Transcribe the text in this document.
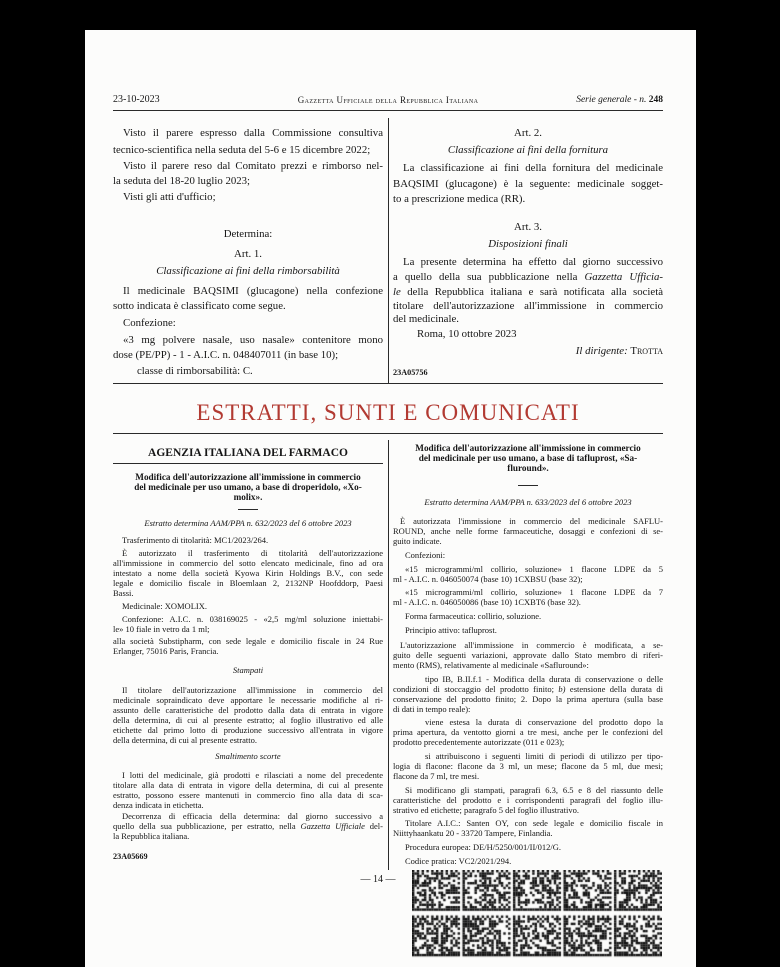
23-10-2023	Gazzetta Ufficiale della Repubblica Italiana	Serie generale - n. 248
ESTRATTI, SUNTI E COMUNICATI
Visto il parere espresso dalla Commissione consultiva
tecnico-scientifica nella seduta del 5-6 e 15 dicembre 2022;
Visto il parere reso dal Comitato prezzi e rimborso nel-
la seduta del 18-20 luglio 2023;
Visti gli atti d'ufficio;
Determina:
Art. 1.
Classificazione ai fini della rimborsabilità
Il medicinale BAQSIMI (glucagone) nella confezione
sotto indicata è classificato come segue.
Confezione:
«3 mg polvere nasale, uso nasale» contenitore mono
dose (PE/PP) - 1 - A.I.C. n. 048407011 (in base 10);
classe di rimborsabilità: C.
Art. 2.
Classificazione ai fini della fornitura
La classificazione ai fini della fornitura del medicinale
BAQSIMI (glucagone) è la seguente: medicinale sogget-
to a prescrizione medica (RR).
Art. 3.
Disposizioni finali
La presente determina ha effetto dal giorno successivo
a quello della sua pubblicazione nella Gazzetta Ufficia-
le della Repubblica italiana e sarà notificata alla società
titolare dell'autorizzazione all'immissione in commercio
del medicinale.
Roma, 10 ottobre 2023
Il dirigente: Trotta
23A05756
AGENZIA ITALIANA DEL FARMACO
Modifica dell'autorizzazione all'immissione in commercio
del medicinale per uso umano, a base di droperidolo, «Xo-
molix».
Estratto determina AAM/PPA n. 632/2023 del 6 ottobre 2023
Trasferimento di titolarità: MC1/2023/264.
È autorizzato il trasferimento di titolarità dell'autorizzazione
all'immissione in commercio del sotto elencato medicinale, fino ad ora
intestato a nome della società Kyowa Kirin Holdings B.V., con sede
legale e domicilio fiscale in Bloemlaan 2, 2132NP Hoofddorp, Paesi
Bassi.
Medicinale: XOMOLIX.
Confezione: A.I.C. n. 038169025 - «2,5 mg/ml soluzione iniettabi-
le» 10 fiale in vetro da 1 ml;
alla società Substipharm, con sede legale e domicilio fiscale in 24 Rue
Erlanger, 75016 Paris, Francia.
Stampati
Il titolare dell'autorizzazione all'immissione in commercio del
medicinale sopraindicato deve apportare le necessarie modifiche al ri-
assunto delle caratteristiche del prodotto dalla data di entrata in vigore
della determina, di cui al presente estratto; al foglio illustrativo ed alle
etichette dal primo lotto di produzione successivo all'entrata in vigore
della determina, di cui al presente estratto.
Smaltimento scorte
I lotti del medicinale, già prodotti e rilasciati a nome del precedente
titolare alla data di entrata in vigore della determina, di cui al presente
estratto, possono essere mantenuti in commercio fino alla data di sca-
denza indicata in etichetta.
Decorrenza di efficacia della determina: dal giorno successivo a
quello della sua pubblicazione, per estratto, nella Gazzetta Ufficiale del-
la Repubblica italiana.
23A05669
Modifica dell'autorizzazione all'immissione in commercio
del medicinale per uso umano, a base di tafluprost, «Sa-
fluround».
Estratto determina AAM/PPA n. 633/2023 del 6 ottobre 2023
È autorizzata l'immissione in commercio del medicinale SAFLU-
ROUND, anche nelle forme farmaceutiche, dosaggi e confezioni di se-
guito indicate.
Confezioni:
«15 microgrammi/ml collirio, soluzione» 1 flacone LDPE da 5
ml - A.I.C. n. 046050074 (base 10) 1CXBSU (base 32);
«15 microgrammi/ml collirio, soluzione» 1 flacone LDPE da 7
ml - A.I.C. n. 046050086 (base 10) 1CXBT6 (base 32).
Forma farmaceutica: collirio, soluzione.
Principio attivo: tafluprost.
L'autorizzazione all'immissione in commercio è modificata, a se-
guito delle seguenti variazioni, approvate dallo Stato membro di riferi-
mento (RMS), relativamente al medicinale «Safluround»:
tipo IB, B.II.f.1 - Modifica della durata di conservazione o delle
condizioni di stoccaggio del prodotto finito; b) estensione della durata di
conservazione del prodotto finito; 2. Dopo la prima apertura (sulla base
di dati in tempo reale):
viene estesa la durata di conservazione del prodotto dopo la
prima apertura, da ventotto giorni a tre mesi, anche per le confezioni del
prodotto precedentemente autorizzate (011 e 023);
si attribuiscono i seguenti limiti di periodi di utilizzo per tipo-
logia di flacone: flacone da 3 ml, un mese; flacone da 5 ml, due mesi;
flacone da 7 ml, tre mesi.
Si modificano gli stampati, paragrafi 6.3, 6.5 e 8 del riassunto delle
caratteristiche del prodotto e i corrispondenti paragrafi del foglio illu-
strativo ed etichette; paragrafo 5 del foglio illustrativo.
Titolare A.I.C.: Santen OY, con sede legale e domicilio fiscale in
Niittyhaankatu 20 - 33720 Tampere, Finlandia.
Procedura europea: DE/H/5250/001/II/012/G.
Codice pratica: VC2/2021/294.
— 14 —
